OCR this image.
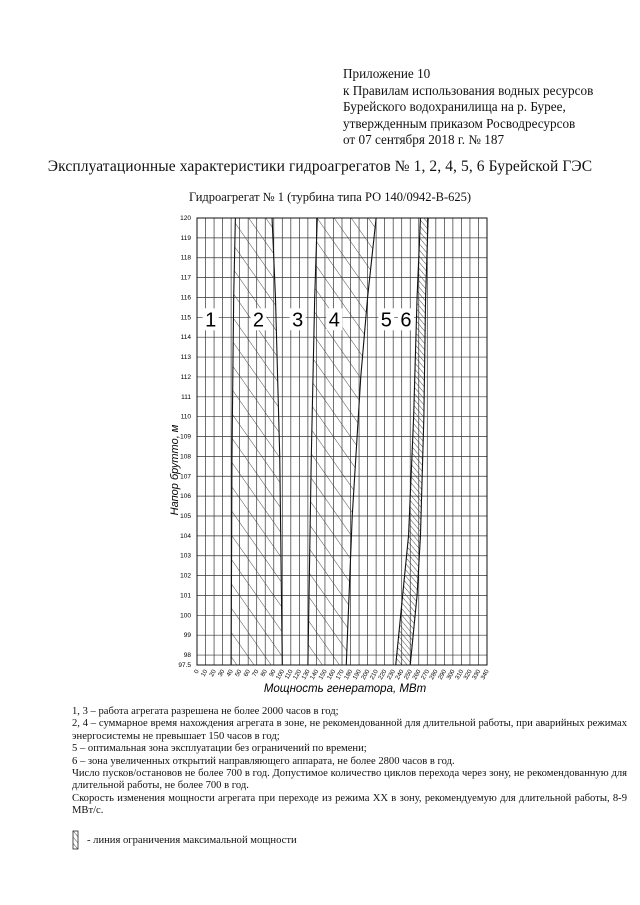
Приложение 10
к Правилам использования водных ресурсов
Бурейского водохранилища на р. Бурее,
утвержденным приказом Росводресурсов
от 07 сентября 2018 г. № 187
Эксплуатационные характеристики гидроагрегатов № 1, 2, 4, 5, 6 Бурейской ГЭС
Гидроагрегат № 1 (турбина типа РО 140/0942-В-625)
97.5
98
99
100
101
102
103
104
105
106
107
108
109
110
111
112
113
114
115
116
117
118
119
120
0 10 20 30 40 50 60 70 80 90
100
110
120
130
140
150
160
170
180
190
200
210
220
230
240
250
260
270
280
290
300
310
320
330
340
1 2 3 4 5 6
Напор брутто, м
Мощность генератора, МВт

1, 3 – работа агрегата разрешена не более 2000 часов в год;

2, 4 – суммарное время нахождения агрегата в зоне, не рекомендованной для длительной работы, при аварийных режимах энергосистемы не превышает 150 часов в год;

5 – оптимальная зона эксплуатации без ограничений по времени;

6 – зона увеличенных открытий направляющего аппарата, не более 2800 часов в год.

Число пусков/остановов не более 700 в год. Допустимое количество циклов перехода через зону, не рекомендованную для длительной работы, не более 700 в год.

Скорость изменения мощности агрегата при переходе из режима ХХ в зону, рекомендуемую для длительной работы, 8-9 МВт/с.

- линия ограничения максимальной мощности
